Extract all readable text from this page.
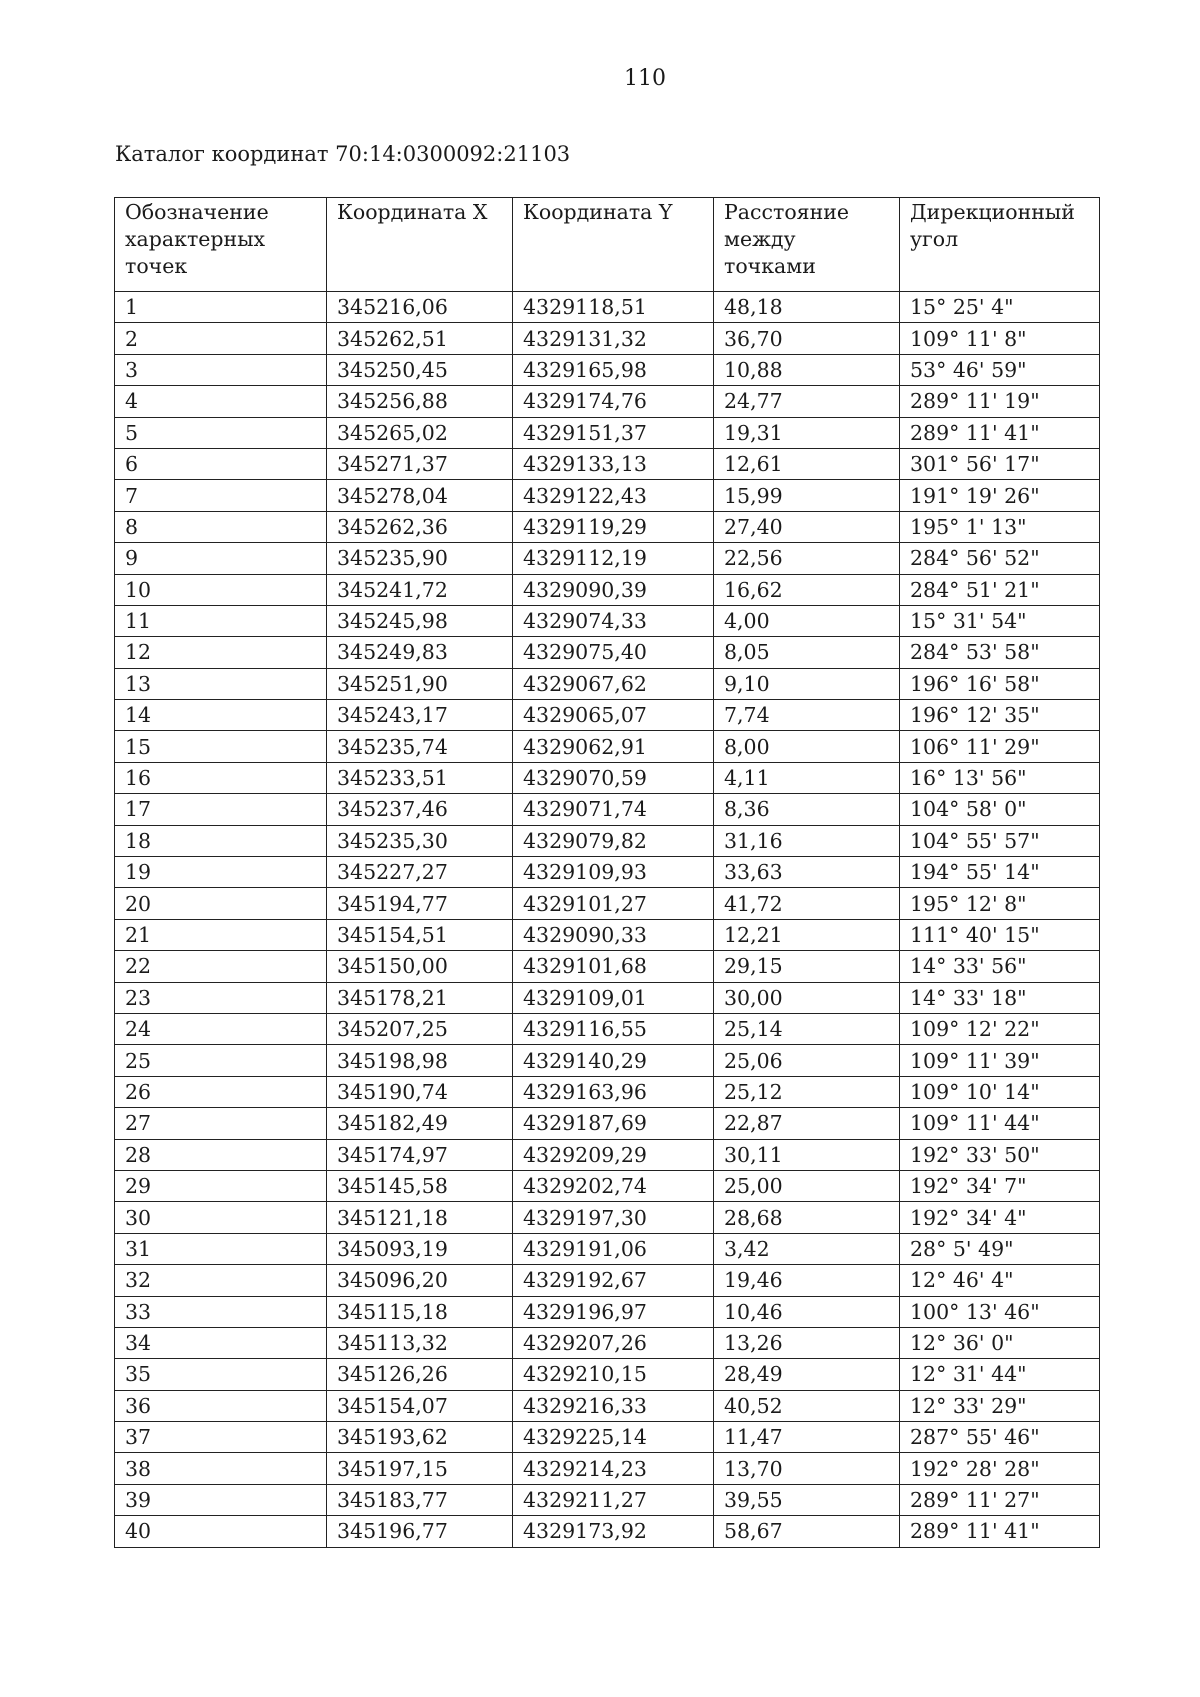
110
Каталог координат 70:14:0300092:21103
Обозначение характерных точек	Координата X	Координата Y	Расстояние между точками	Дирекционный угол
1	345216,06	4329118,51	48,18	15° 25' 4"
2	345262,51	4329131,32	36,70	109° 11' 8"
3	345250,45	4329165,98	10,88	53° 46' 59"
4	345256,88	4329174,76	24,77	289° 11' 19"
5	345265,02	4329151,37	19,31	289° 11' 41"
6	345271,37	4329133,13	12,61	301° 56' 17"
7	345278,04	4329122,43	15,99	191° 19' 26"
8	345262,36	4329119,29	27,40	195° 1' 13"
9	345235,90	4329112,19	22,56	284° 56' 52"
10	345241,72	4329090,39	16,62	284° 51' 21"
11	345245,98	4329074,33	4,00	15° 31' 54"
12	345249,83	4329075,40	8,05	284° 53' 58"
13	345251,90	4329067,62	9,10	196° 16' 58"
14	345243,17	4329065,07	7,74	196° 12' 35"
15	345235,74	4329062,91	8,00	106° 11' 29"
16	345233,51	4329070,59	4,11	16° 13' 56"
17	345237,46	4329071,74	8,36	104° 58' 0"
18	345235,30	4329079,82	31,16	104° 55' 57"
19	345227,27	4329109,93	33,63	194° 55' 14"
20	345194,77	4329101,27	41,72	195° 12' 8"
21	345154,51	4329090,33	12,21	111° 40' 15"
22	345150,00	4329101,68	29,15	14° 33' 56"
23	345178,21	4329109,01	30,00	14° 33' 18"
24	345207,25	4329116,55	25,14	109° 12' 22"
25	345198,98	4329140,29	25,06	109° 11' 39"
26	345190,74	4329163,96	25,12	109° 10' 14"
27	345182,49	4329187,69	22,87	109° 11' 44"
28	345174,97	4329209,29	30,11	192° 33' 50"
29	345145,58	4329202,74	25,00	192° 34' 7"
30	345121,18	4329197,30	28,68	192° 34' 4"
31	345093,19	4329191,06	3,42	28° 5' 49"
32	345096,20	4329192,67	19,46	12° 46' 4"
33	345115,18	4329196,97	10,46	100° 13' 46"
34	345113,32	4329207,26	13,26	12° 36' 0"
35	345126,26	4329210,15	28,49	12° 31' 44"
36	345154,07	4329216,33	40,52	12° 33' 29"
37	345193,62	4329225,14	11,47	287° 55' 46"
38	345197,15	4329214,23	13,70	192° 28' 28"
39	345183,77	4329211,27	39,55	289° 11' 27"
40	345196,77	4329173,92	58,67	289° 11' 41"
